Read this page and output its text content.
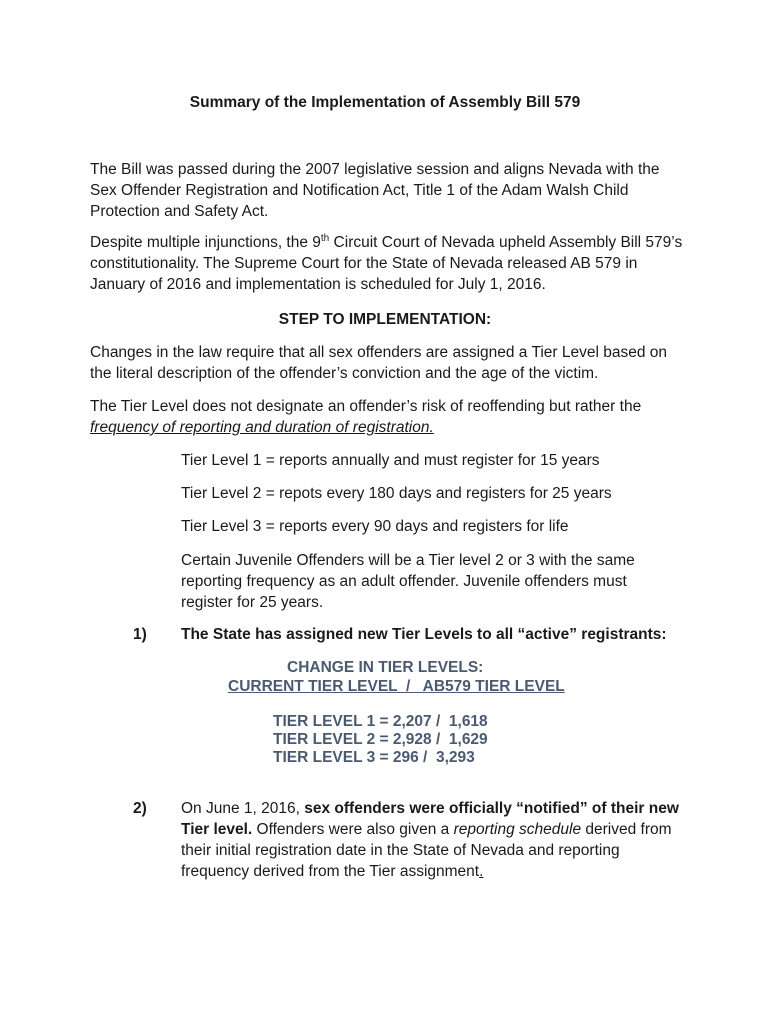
Summary of the Implementation of Assembly Bill 579
The Bill was passed during the 2007 legislative session and aligns Nevada with the Sex Offender Registration and Notification Act, Title 1 of the Adam Walsh Child Protection and Safety Act.
Despite multiple injunctions, the 9th Circuit Court of Nevada upheld Assembly Bill 579’s constitutionality. The Supreme Court for the State of Nevada released AB 579 in January of 2016 and implementation is scheduled for July 1, 2016.
STEP TO IMPLEMENTATION:
Changes in the law require that all sex offenders are assigned a Tier Level based on the literal description of the offender’s conviction and the age of the victim.
The Tier Level does not designate an offender’s risk of reoffending but rather the
frequency of reporting and duration of registration.
Tier Level 1 = reports annually and must register for 15 years
Tier Level 2 = repots every 180 days and registers for 25 years
Tier Level 3 = reports every 90 days and registers for life
Certain Juvenile Offenders will be a Tier level 2 or 3 with the same reporting frequency as an adult offender. Juvenile offenders must register for 25 years.
1) The State has assigned new Tier Levels to all “active” registrants:
CHANGE IN TIER LEVELS:
CURRENT TIER LEVEL  /   AB579 TIER LEVEL
TIER LEVEL 1 = 2,207 /  1,618
TIER LEVEL 2 = 2,928 /  1,629
TIER LEVEL 3 = 296 /  3,293
2) On June 1, 2016, sex offenders were officially “notified” of their new Tier level. Offenders were also given a reporting schedule derived from their initial registration date in the State of Nevada and reporting frequency derived from the Tier assignment.
